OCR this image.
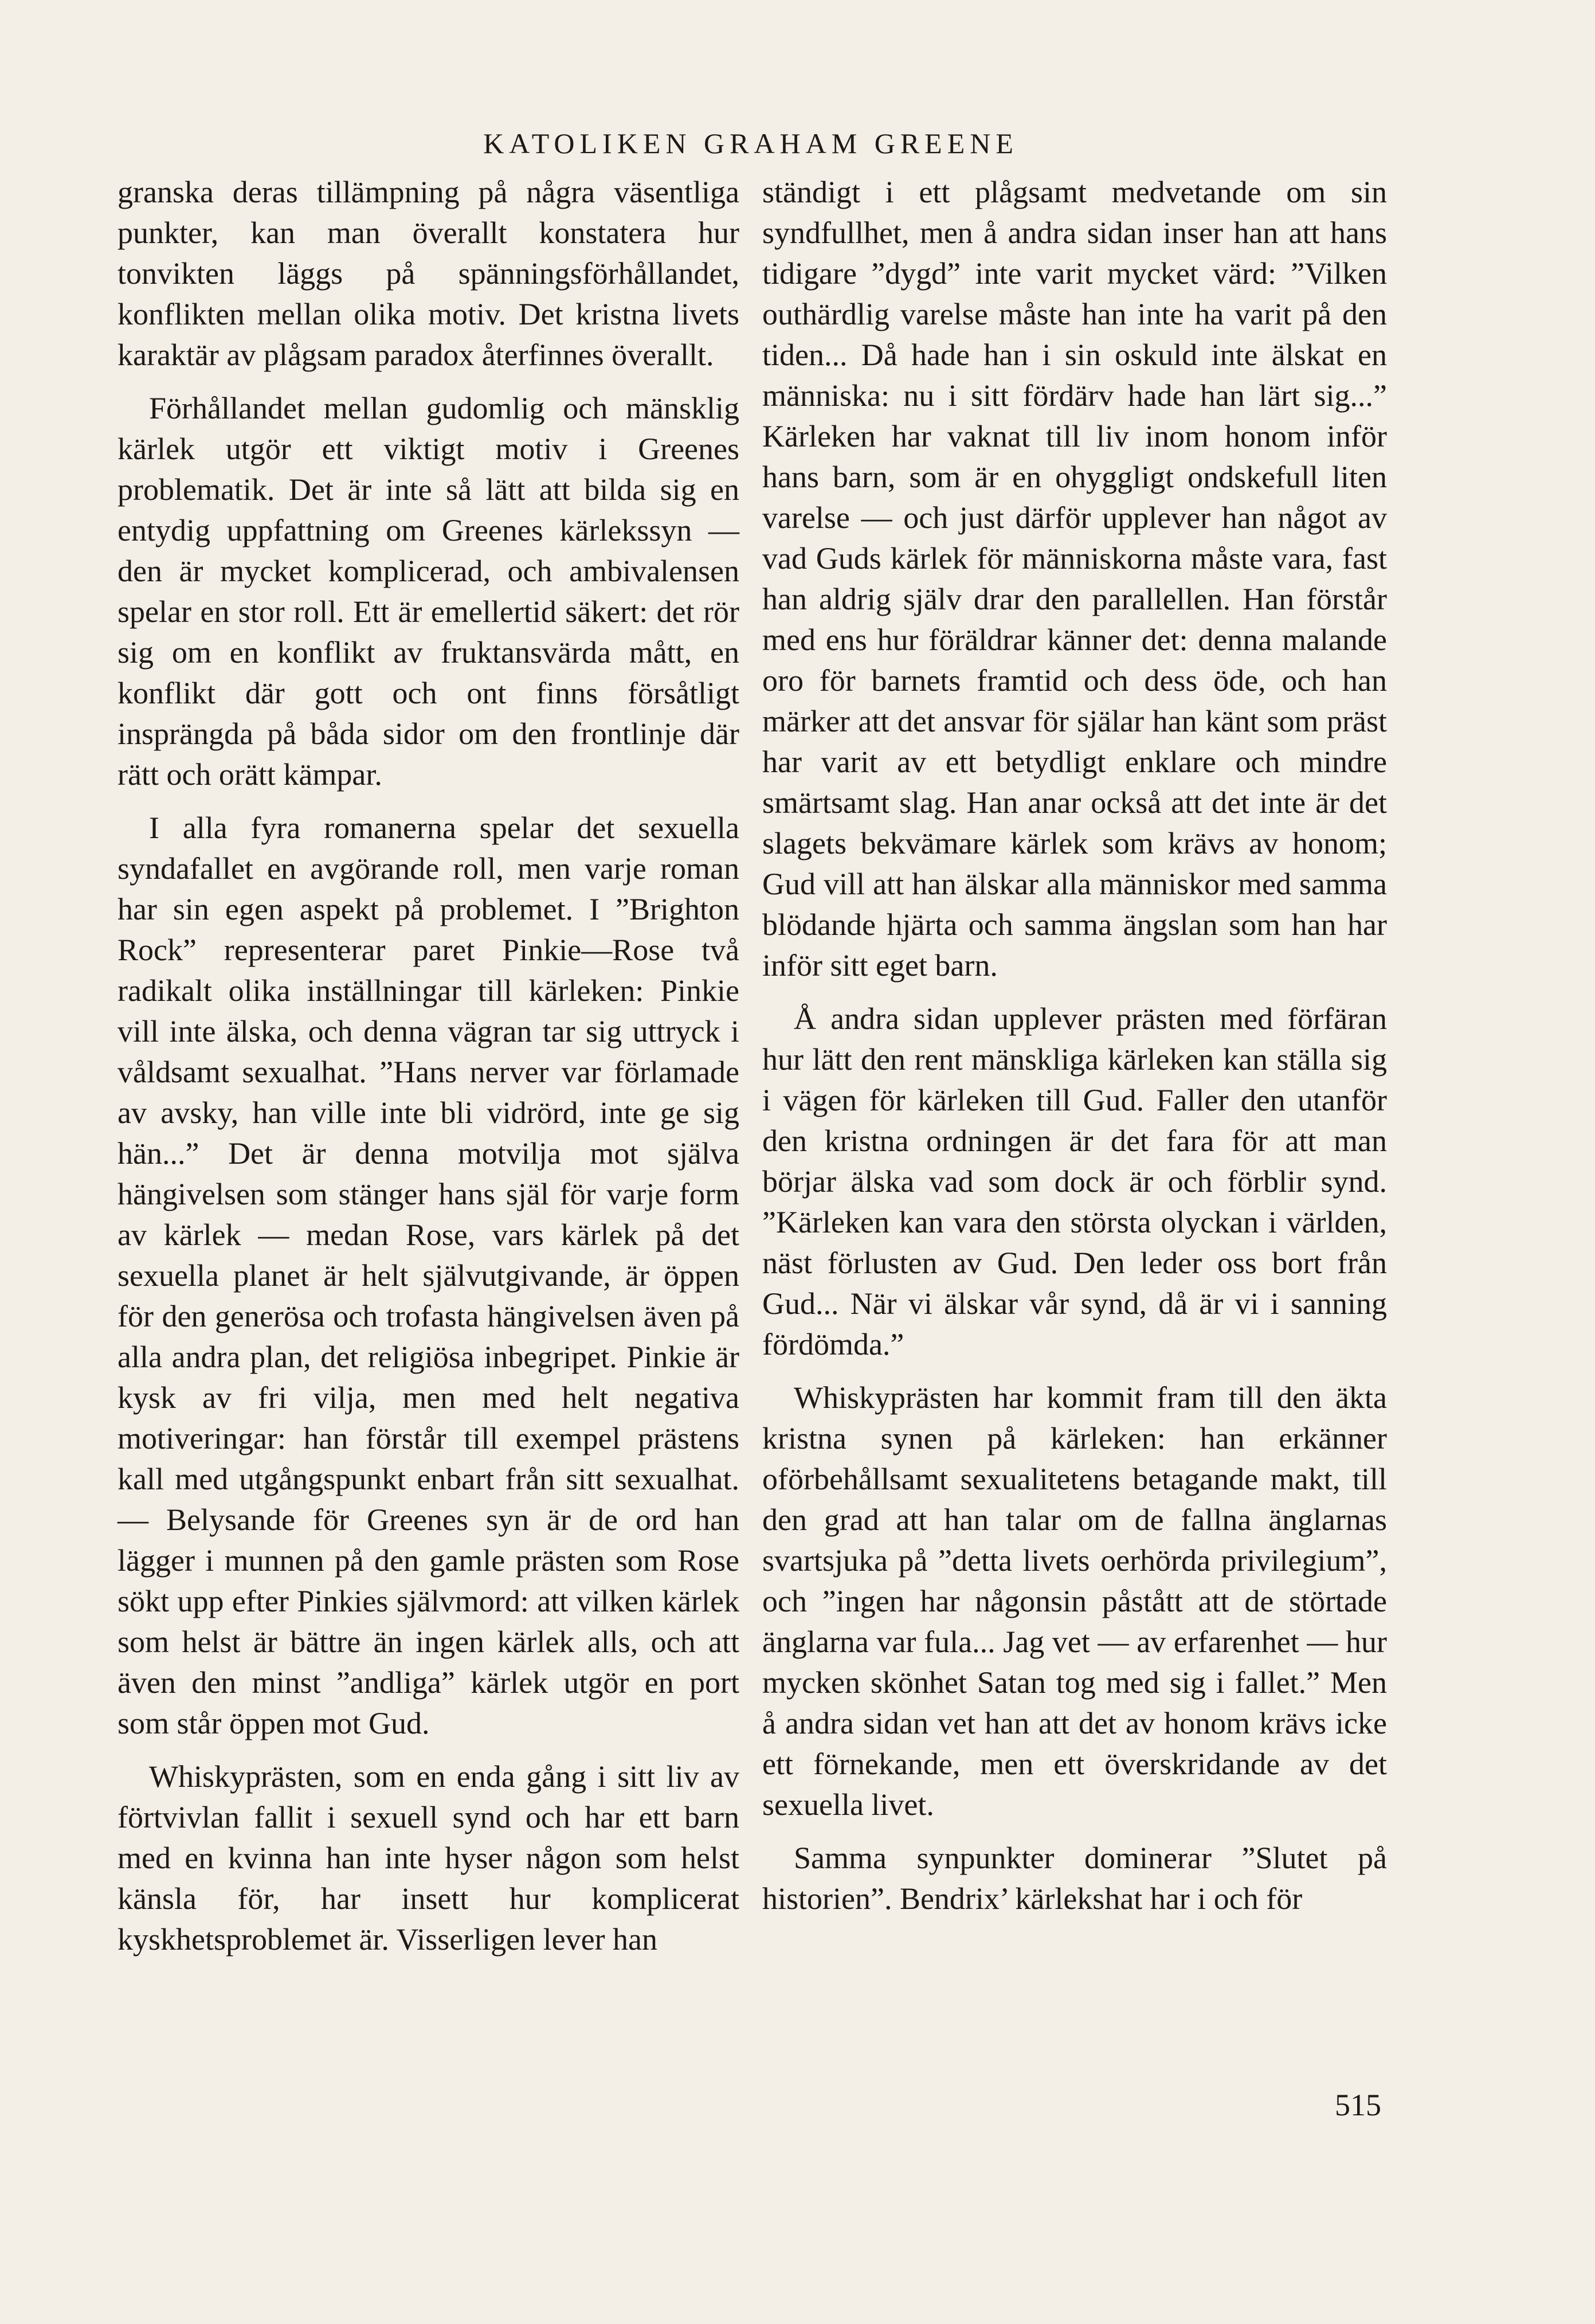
KATOLIKEN GRAHAM GREENE

granska deras tillämpning på några väsentliga punkter, kan man överallt konstatera hur tonvikten läggs på spänningsförhållandet, konflikten mellan olika motiv. Det kristna livets karaktär av plågsam paradox återfinnes överallt.

Förhållandet mellan gudomlig och mänsklig kärlek utgör ett viktigt motiv i Greenes problematik. Det är inte så lätt att bilda sig en entydig uppfattning om Greenes kärlekssyn — den är mycket komplicerad, och ambivalensen spelar en stor roll. Ett är emellertid säkert: det rör sig om en konflikt av fruktansvärda mått, en konflikt där gott och ont finns försåtligt insprängda på båda sidor om den frontlinje där rätt och orätt kämpar.

I alla fyra romanerna spelar det sexuella syndafallet en avgörande roll, men varje roman har sin egen aspekt på problemet. I ”Brighton Rock” representerar paret Pinkie—Rose två radikalt olika inställningar till kärleken: Pinkie vill inte älska, och denna vägran tar sig uttryck i våldsamt sexualhat. ”Hans nerver var förlamade av avsky, han ville inte bli vidrörd, inte ge sig hän...” Det är denna motvilja mot själva hängivelsen som stänger hans själ för varje form av kärlek — medan Rose, vars kärlek på det sexuella planet är helt självutgivande, är öppen för den generösa och trofasta hängivelsen även på alla andra plan, det religiösa inbegripet. Pinkie är kysk av fri vilja, men med helt negativa motiveringar: han förstår till exempel prästens kall med utgångspunkt enbart från sitt sexualhat. — Belysande för Greenes syn är de ord han lägger i munnen på den gamle prästen som Rose sökt upp efter Pinkies självmord: att vilken kärlek som helst är bättre än ingen kärlek alls, och att även den minst ”andliga” kärlek utgör en port som står öppen mot Gud.

Whiskyprästen, som en enda gång i sitt liv av förtvivlan fallit i sexuell synd och har ett barn med en kvinna han inte hyser någon som helst känsla för, har insett hur komplicerat kyskhetsproblemet är. Visserligen lever han

ständigt i ett plågsamt medvetande om sin syndfullhet, men å andra sidan inser han att hans tidigare ”dygd” inte varit mycket värd: ”Vilken outhärdlig varelse måste han inte ha varit på den tiden... Då hade han i sin oskuld inte älskat en människa: nu i sitt fördärv hade han lärt sig...” Kärleken har vaknat till liv inom honom inför hans barn, som är en ohyggligt ondskefull liten varelse — och just därför upplever han något av vad Guds kärlek för människorna måste vara, fast han aldrig själv drar den parallellen. Han förstår med ens hur föräldrar känner det: denna malande oro för barnets framtid och dess öde, och han märker att det ansvar för själar han känt som präst har varit av ett betydligt enklare och mindre smärtsamt slag. Han anar också att det inte är det slagets bekvämare kärlek som krävs av honom; Gud vill att han älskar alla människor med samma blödande hjärta och samma ängslan som han har inför sitt eget barn.

Å andra sidan upplever prästen med förfäran hur lätt den rent mänskliga kärleken kan ställa sig i vägen för kärleken till Gud. Faller den utanför den kristna ordningen är det fara för att man börjar älska vad som dock är och förblir synd. ”Kärleken kan vara den största olyckan i världen, näst förlusten av Gud. Den leder oss bort från Gud... När vi älskar vår synd, då är vi i sanning fördömda.”

Whiskyprästen har kommit fram till den äkta kristna synen på kärleken: han erkänner oförbehållsamt sexualitetens betagande makt, till den grad att han talar om de fallna änglarnas svartsjuka på ”detta livets oerhörda privilegium”, och ”ingen har någonsin påstått att de störtade änglarna var fula... Jag vet — av erfarenhet — hur mycken skönhet Satan tog med sig i fallet.” Men å andra sidan vet han att det av honom krävs icke ett förnekande, men ett överskridande av det sexuella livet.

Samma synpunkter dominerar ”Slutet på historien”. Bendrix’ kärlekshat har i och för

515
